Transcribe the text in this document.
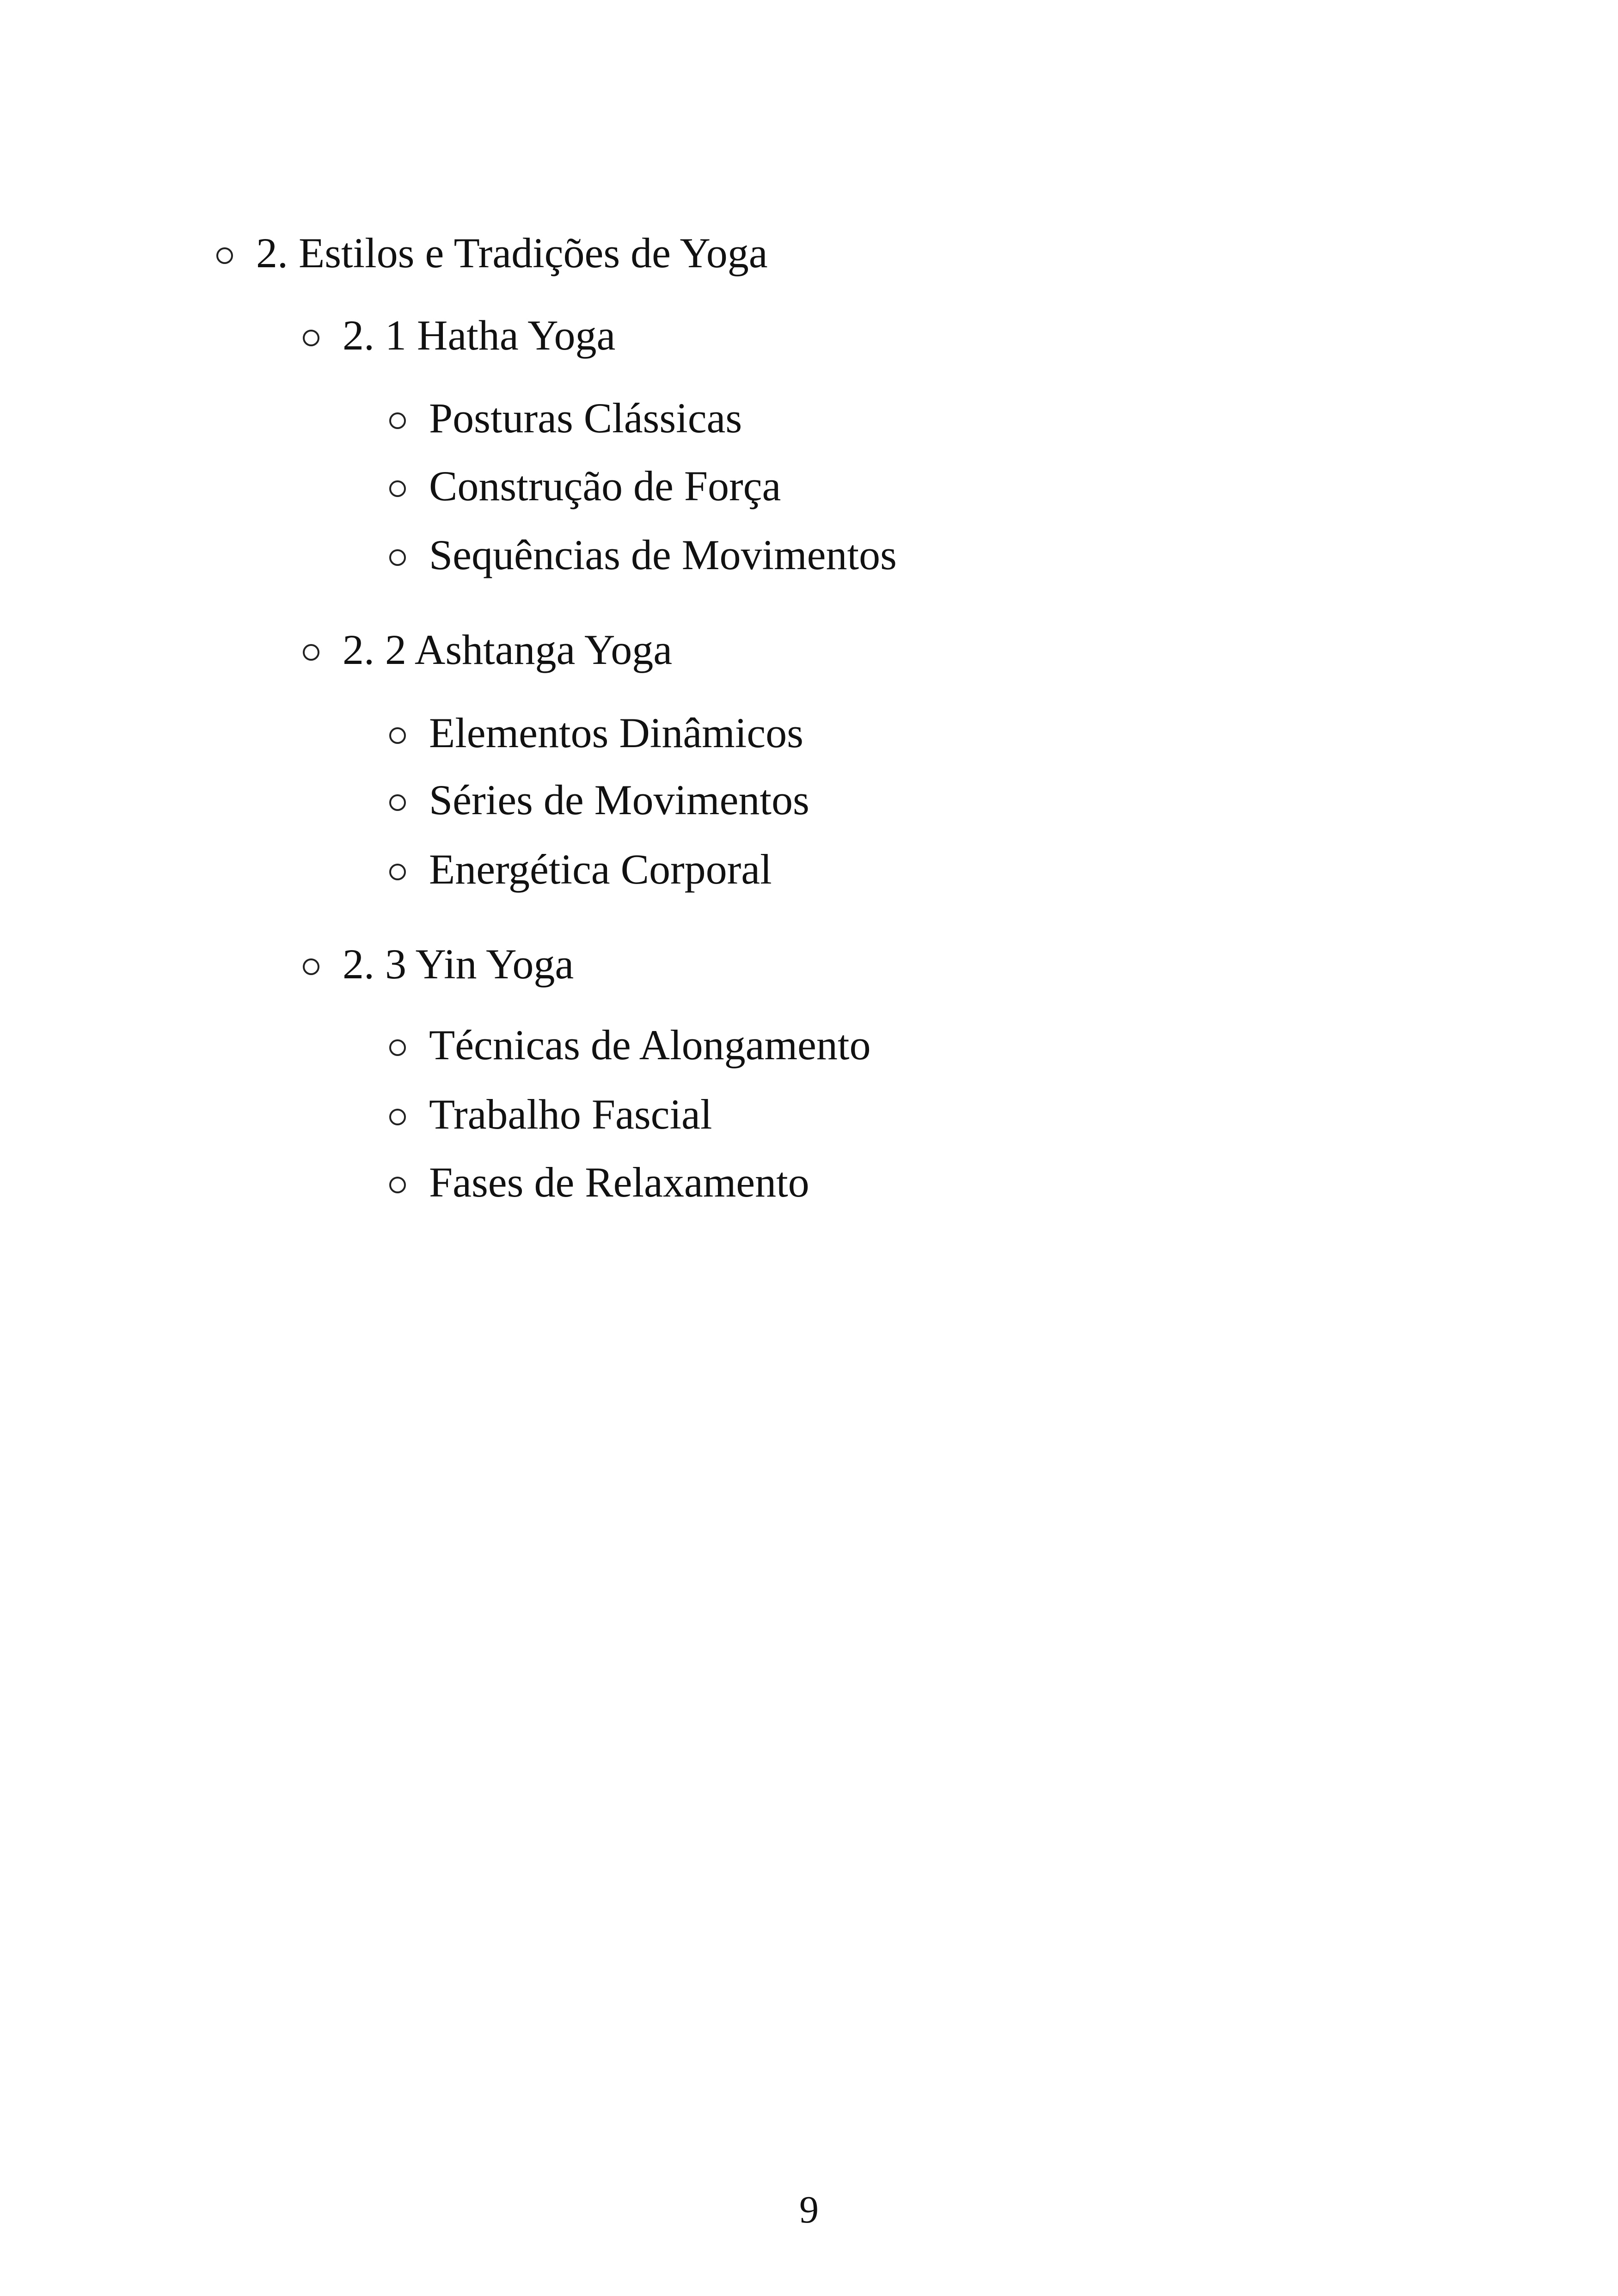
2. Estilos e Tradições de Yoga
2. 1 Hatha Yoga
Posturas Clássicas
Construção de Força
Sequências de Movimentos
2. 2 Ashtanga Yoga
Elementos Dinâmicos
Séries de Movimentos
Energética Corporal
2. 3 Yin Yoga
Técnicas de Alongamento
Trabalho Fascial
Fases de Relaxamento
9
